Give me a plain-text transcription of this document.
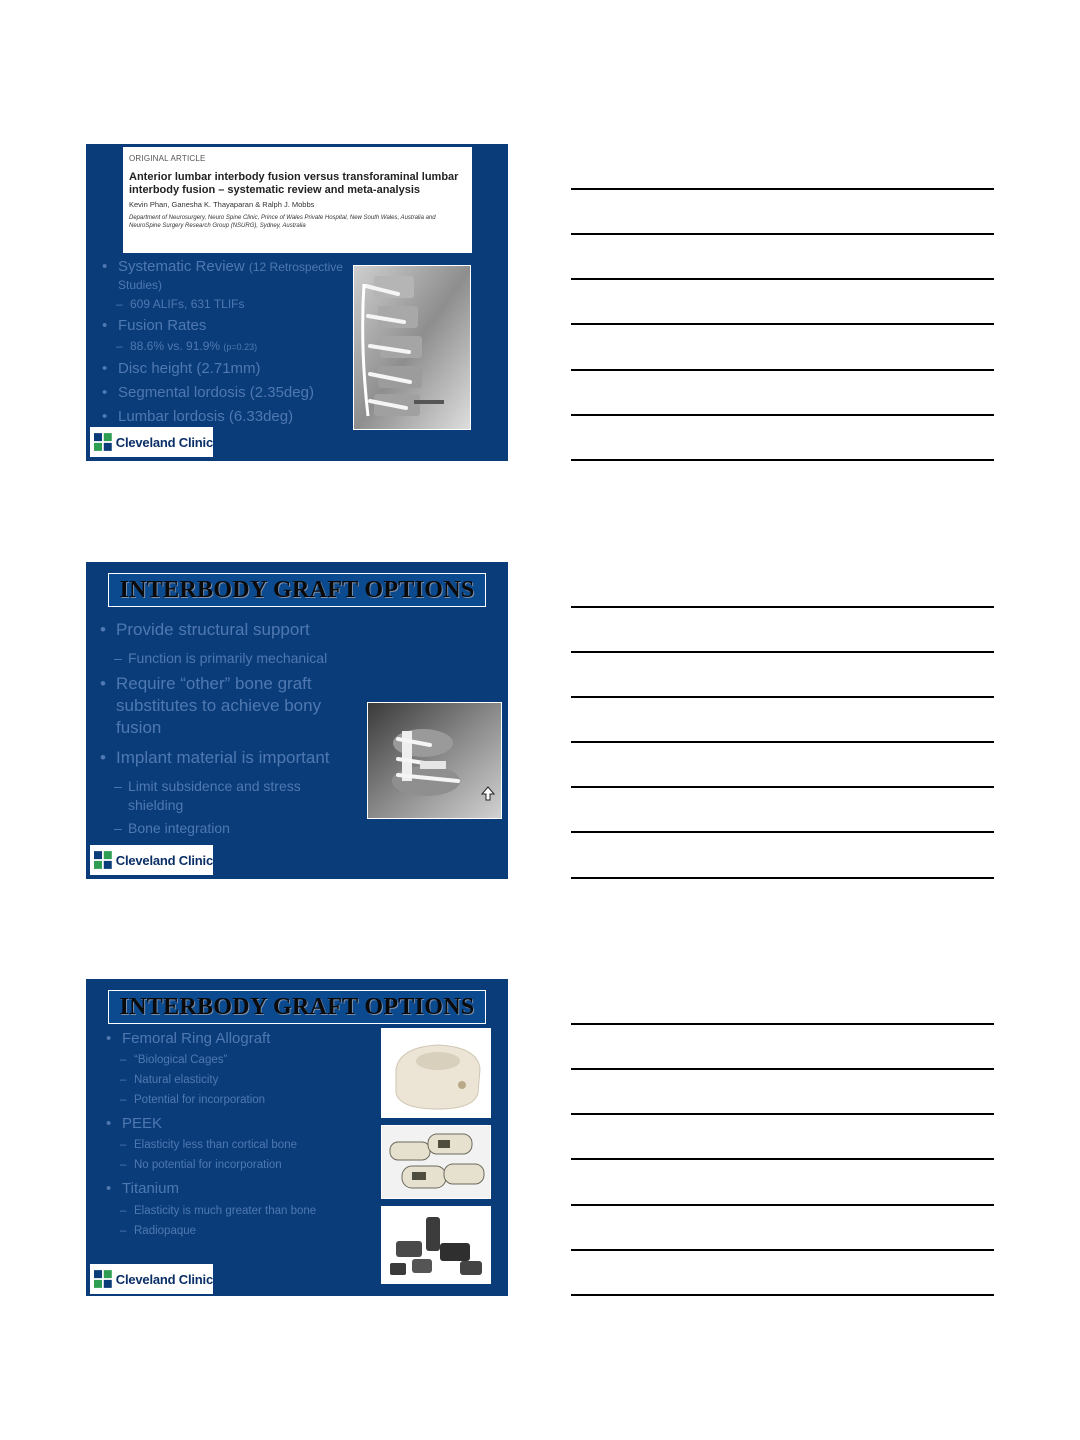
ORIGINAL ARTICLE
Anterior lumbar interbody fusion versus transforaminal lumbar interbody fusion – systematic review and meta-analysis
Kevin Phan, Ganesha K. Thayaparan & Ralph J. Mobbs
Department of Neurosurgery, Neuro Spine Clinic, Prince of Wales Private Hospital, New South Wales, Australia and NeuroSpine Surgery Research Group (NSURG), Sydney, Australia
• Systematic Review (12 Retrospective Studies)
– 609 ALIFs, 631 TLIFs
• Fusion Rates
– 88.6% vs. 91.9% (p=0.23)
• Disc height (2.71mm)
• Segmental lordosis (2.35deg)
• Lumbar lordosis (6.33deg)
Cleveland Clinic
INTERBODY GRAFT OPTIONS
• Provide structural support
– Function is primarily mechanical
• Require “other” bone graft substitutes to achieve bony fusion
• Implant material is important
– Limit subsidence and stress shielding
– Bone integration
Cleveland Clinic
INTERBODY GRAFT OPTIONS
• Femoral Ring Allograft
– “Biological Cages”
– Natural elasticity
– Potential for incorporation
• PEEK
– Elasticity less than cortical bone
– No potential for incorporation
• Titanium
– Elasticity is much greater than bone
– Radiopaque
Cleveland Clinic
